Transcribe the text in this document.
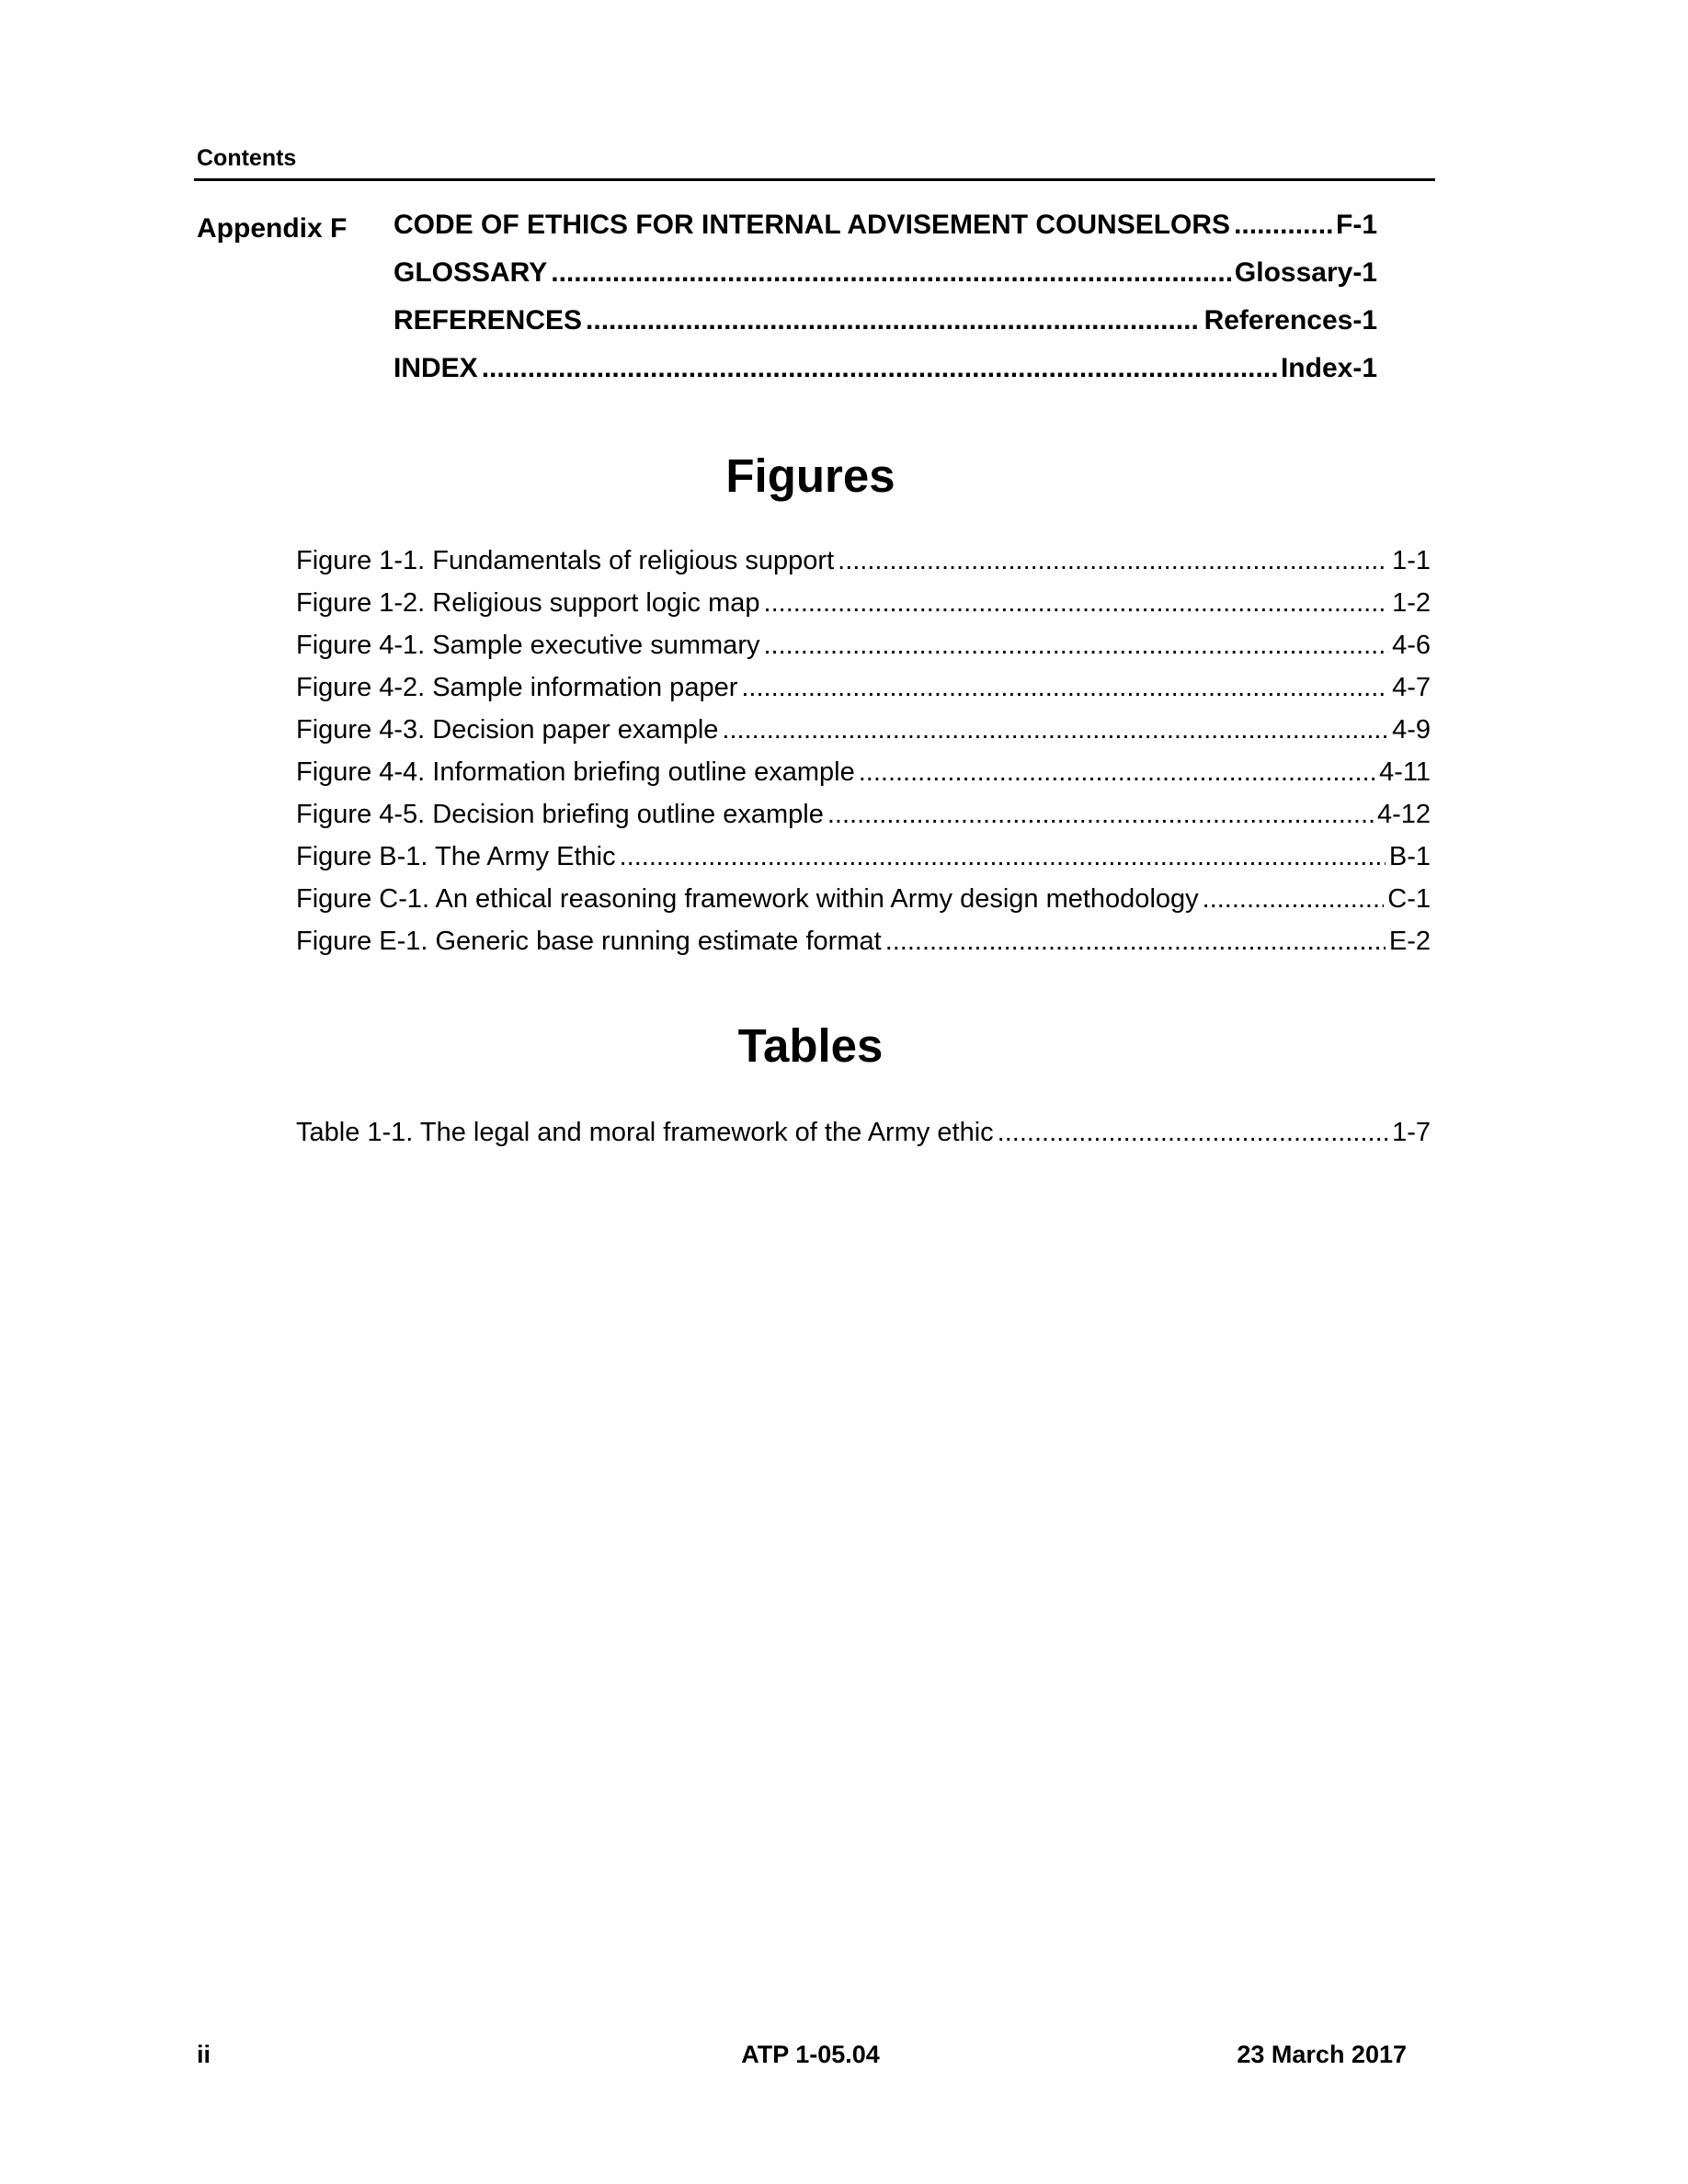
Contents
Appendix F CODE OF ETHICS FOR INTERNAL ADVISEMENT COUNSELORS .....	F-1
GLOSSARY .....	Glossary-1
REFERENCES .....	References-1
INDEX .....	Index-1
Figures
Figure 1-1. Fundamentals of religious support .....	1-1
Figure 1-2. Religious support logic map .....	1-2
Figure 4-1. Sample executive summary .....	4-6
Figure 4-2. Sample information paper .....	4-7
Figure 4-3. Decision paper example .....	4-9
Figure 4-4. Information briefing outline example .....	4-11
Figure 4-5. Decision briefing outline example .....	4-12
Figure B-1. The Army Ethic .....	B-1
Figure C-1. An ethical reasoning framework within Army design methodology .....	C-1
Figure E-1. Generic base running estimate format .....	E-2
Tables
Table 1-1. The legal and moral framework of the Army ethic .....	1-7
ii	ATP 1-05.04	23 March 2017
